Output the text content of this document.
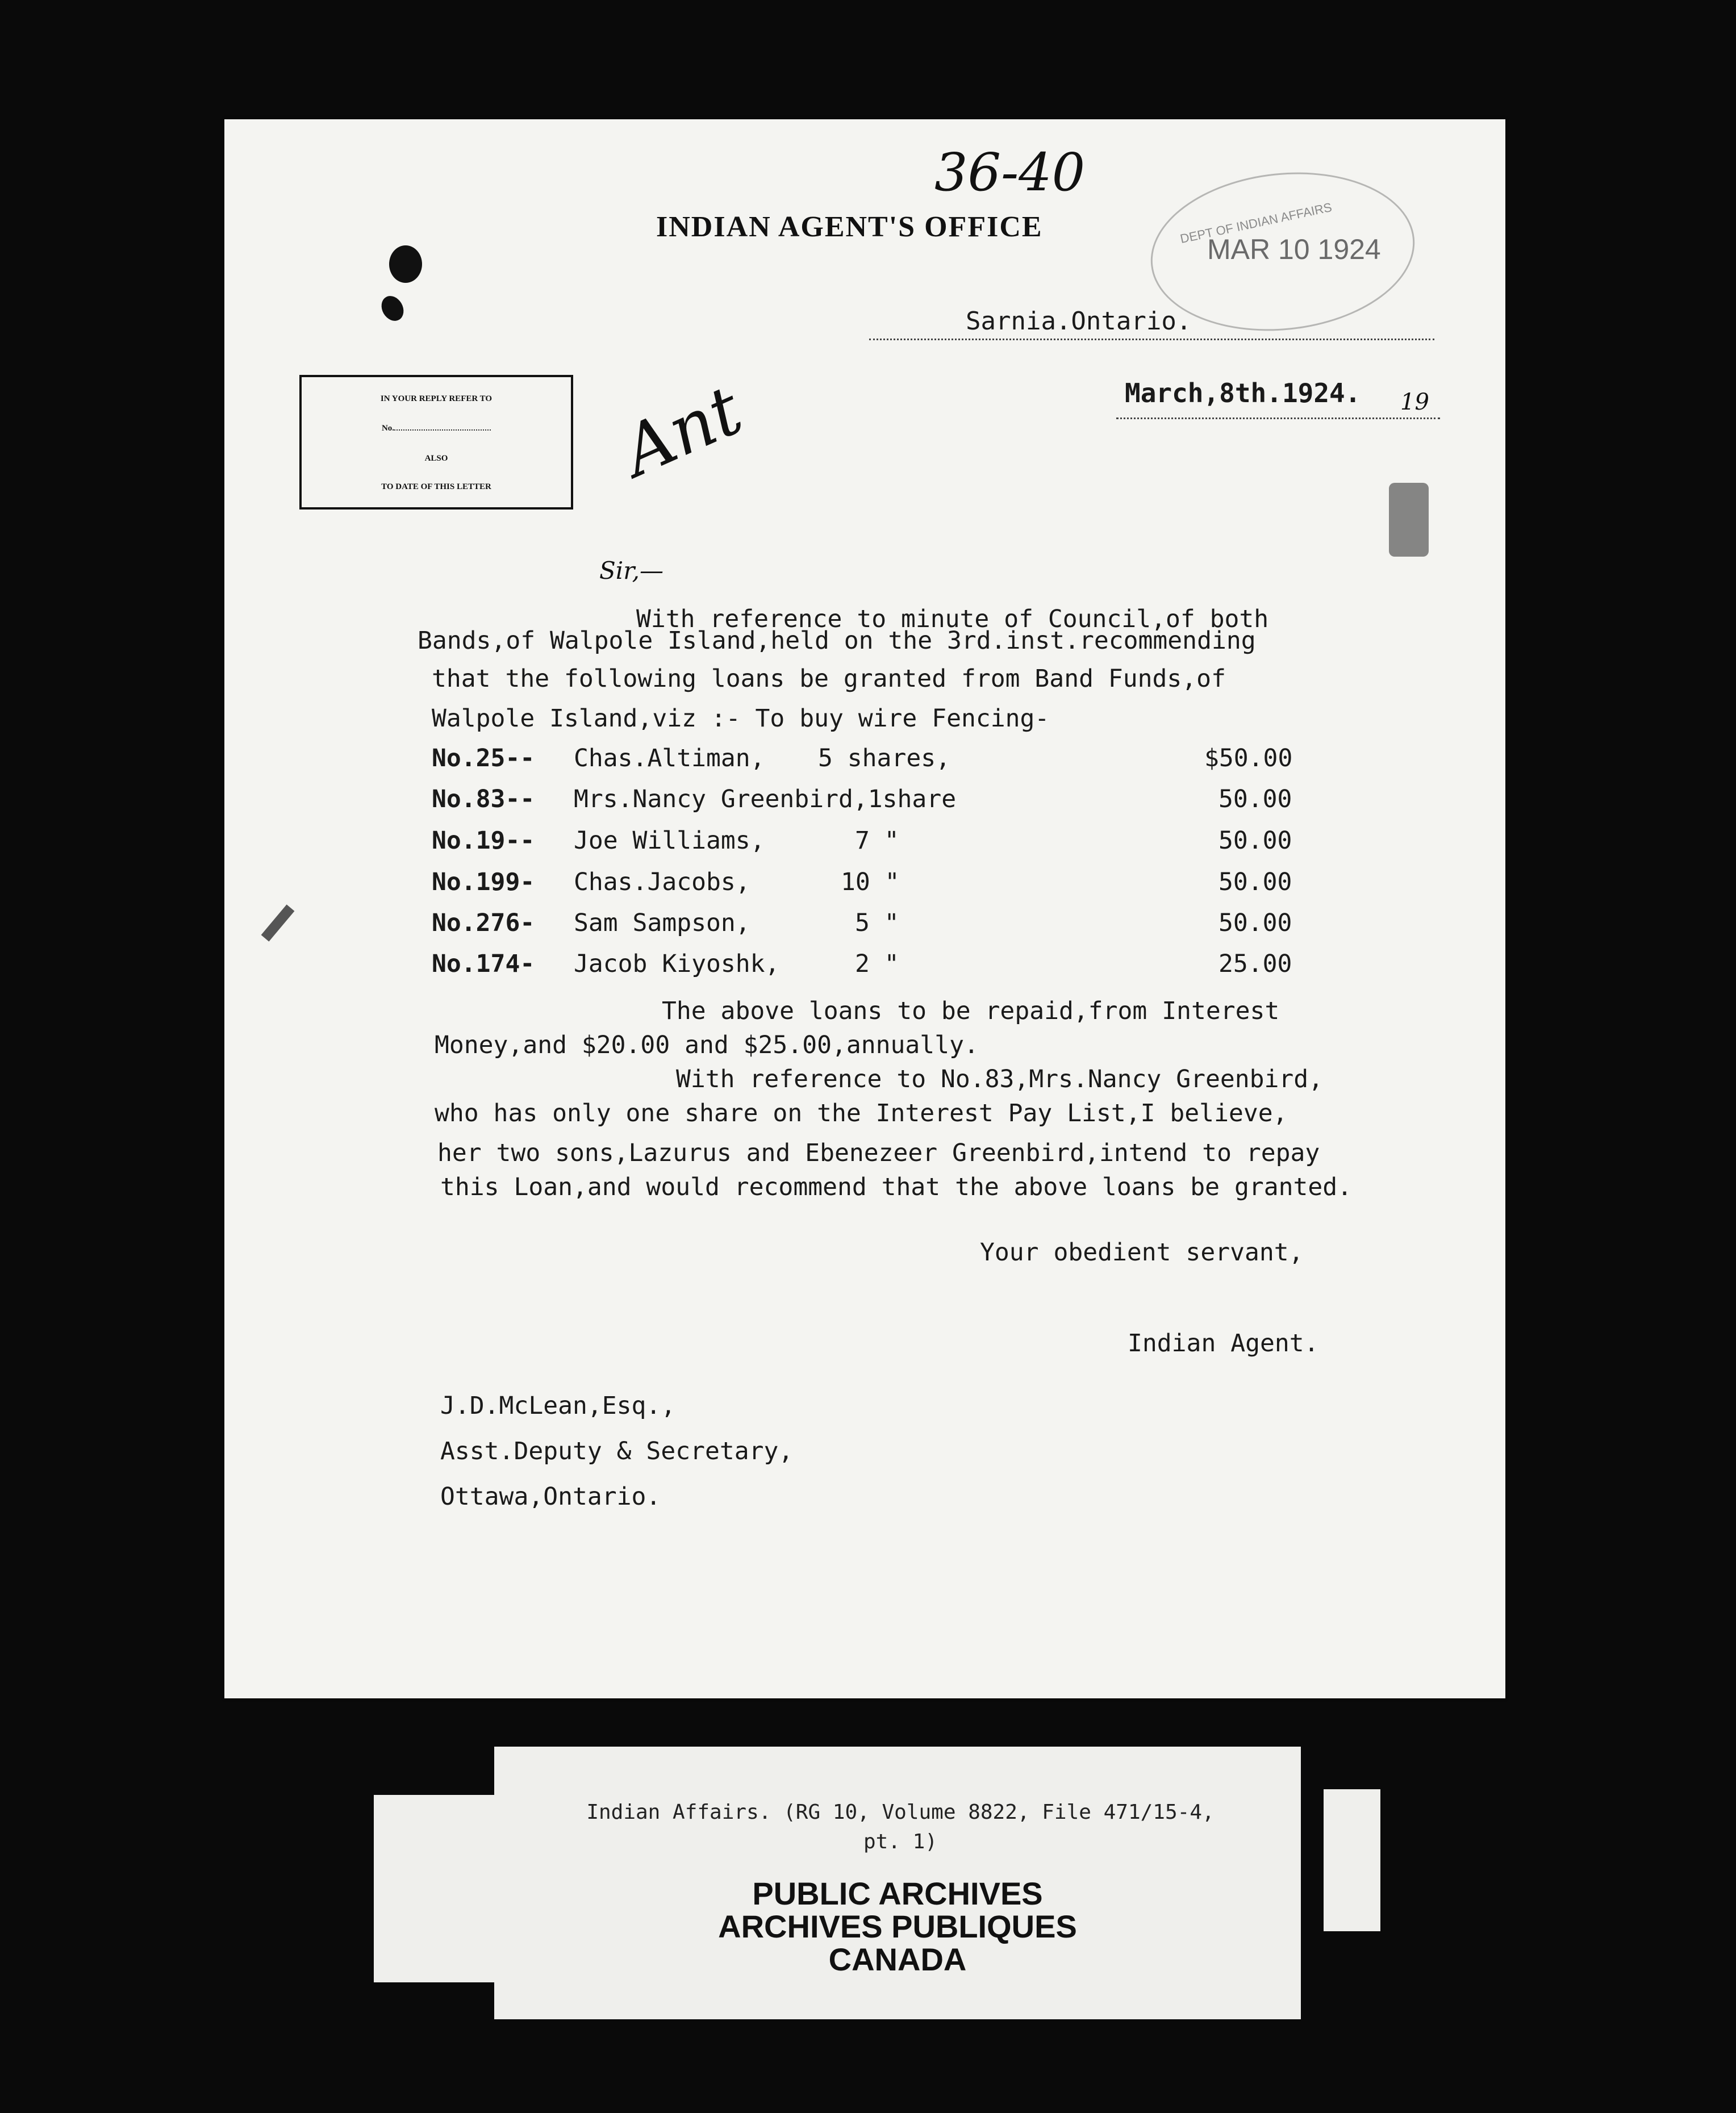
36-40
INDIAN AGENT'S OFFICE	DEPT OF INDIAN AFFAIRS
MAR 10 1924
Sarnia.Ontario.
Ant	March,8th.1924. 19
IN YOUR REPLY REFER TO
No.
ALSO
TO DATE OF THIS LETTER
Sir,—
With reference to minute of Council,of both
Bands,of Walpole Island,held on the 3rd.inst.recommending
that the following loans be granted from Band Funds,of
Walpole Island,viz :- To buy wire Fencing-
No.25-- Chas.Altiman, 5 shares,	$50.00
No.83-- Mrs.Nancy Greenbird,1share	50.00
No.19-- Joe Williams,	7 "	50.00
No.199- Chas.Jacobs,	10 "	50.00
No.276- Sam Sampson,	5 "	50.00
No.174- Jacob Kiyoshk,	2 "	25.00
The above loans to be repaid,from Interest
Money,and $20.00 and $25.00,annually.
With reference to No.83,Mrs.Nancy Greenbird,
who has only one share on the Interest Pay List,I believe,
her two sons,Lazurus and Ebenezeer Greenbird,intend to repay
this Loan,and would recommend that the above loans be granted.
Your obedient servant,
Indian Agent.
J.D.McLean,Esq.,
Asst.Deputy & Secretary,
Ottawa,Ontario.
Indian Affairs. (RG 10, Volume 8822, File 471/15-4,
pt. 1)
PUBLIC ARCHIVES
ARCHIVES PUBLIQUES
CANADA
